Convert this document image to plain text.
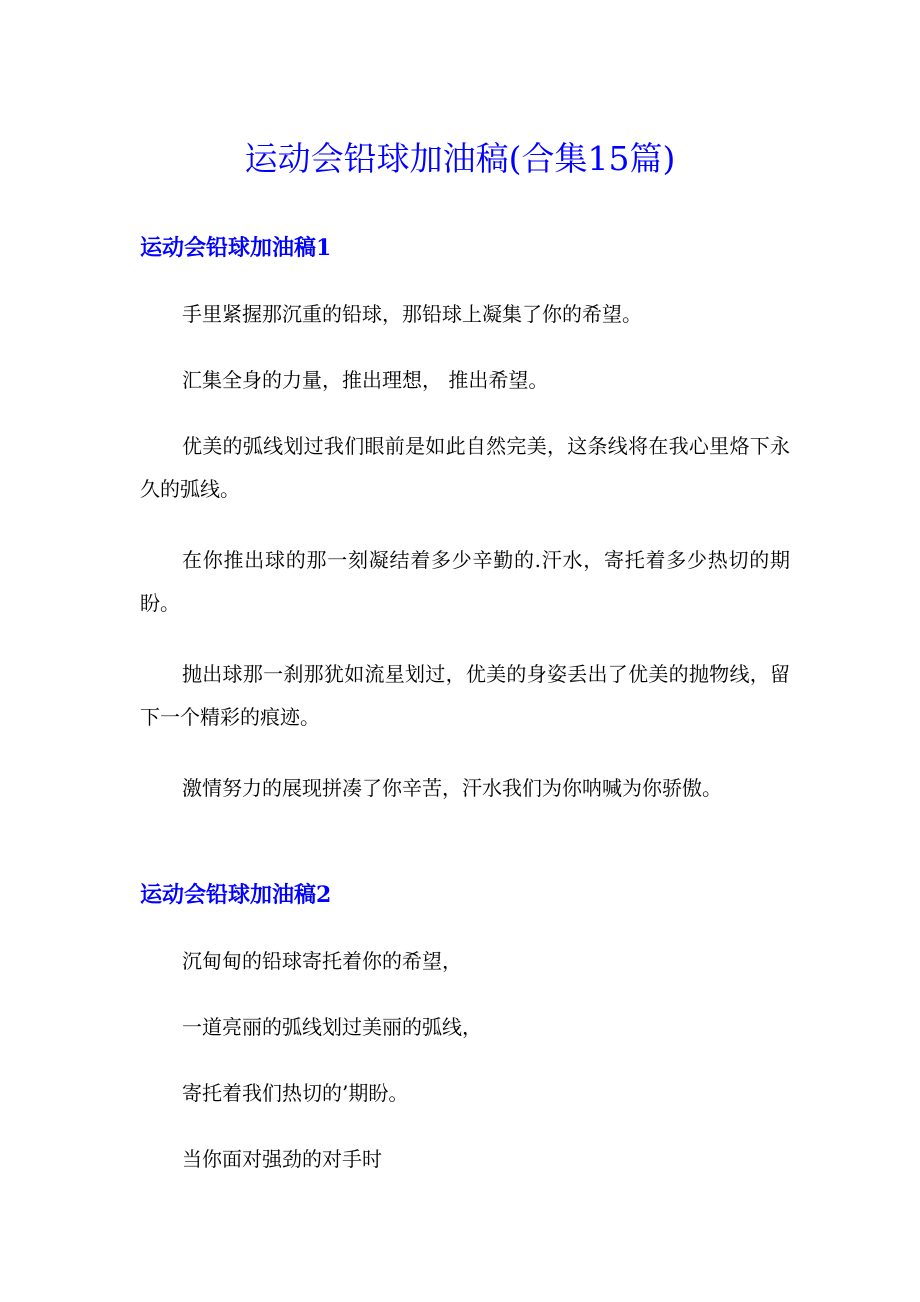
运动会铅球加油稿(合集15篇)
运动会铅球加油稿1

手里紧握那沉重的铅球，那铅球上凝集了你的希望。

汇集全身的力量，推出理想， 推出希望。

优美的弧线划过我们眼前是如此自然完美，这条线将在我心里烙下永久的弧线。

在你推出球的那一刻凝结着多少辛勤的.汗水，寄托着多少热切的期盼。

抛出球那一刹那犹如流星划过，优美的身姿丢出了优美的抛物线，留下一个精彩的痕迹。

激情努力的展现拼凑了你辛苦，汗水我们为你呐喊为你骄傲。

运动会铅球加油稿2

沉甸甸的铅球寄托着你的希望，

一道亮丽的弧线划过美丽的弧线，

寄托着我们热切的’期盼。

当你面对强劲的对手时
